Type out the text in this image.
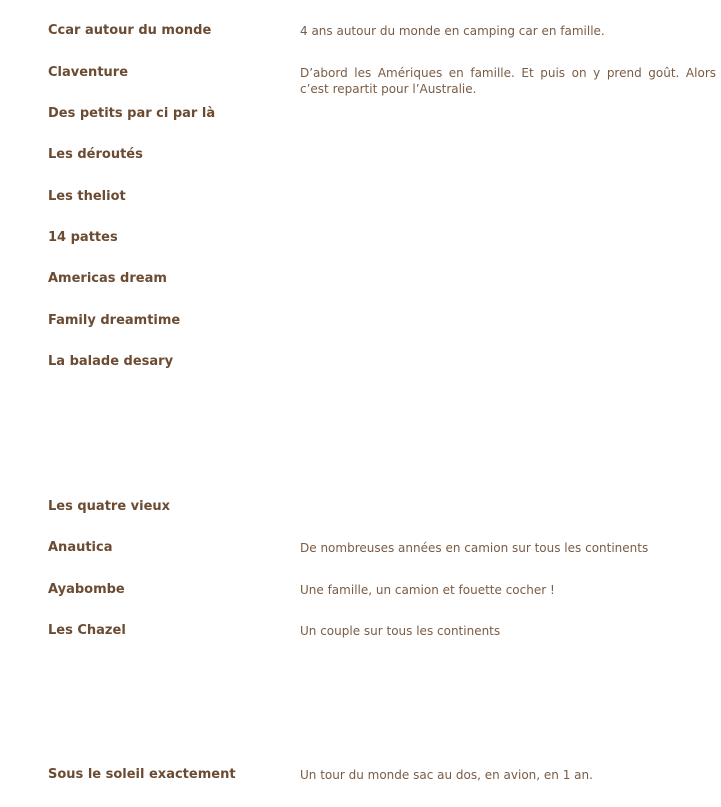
Ccar autour du monde	4 ans autour du monde en camping car en famille.
Claventure	D’abord les Amériques en famille. Et puis on y prend goût. Alors c’est repartit pour l’Australie.
Des petits par ci par là
Les déroutés
Les theliot
14 pattes
Americas dream
Family dreamtime
La balade desary
Les quatre vieux
Anautica	De nombreuses années en camion sur tous les continents
Ayabombe	Une famille, un camion et fouette cocher !
Les Chazel	Un couple sur tous les continents
Sous le soleil exactement	Un tour du monde sac au dos, en avion, en 1 an.
